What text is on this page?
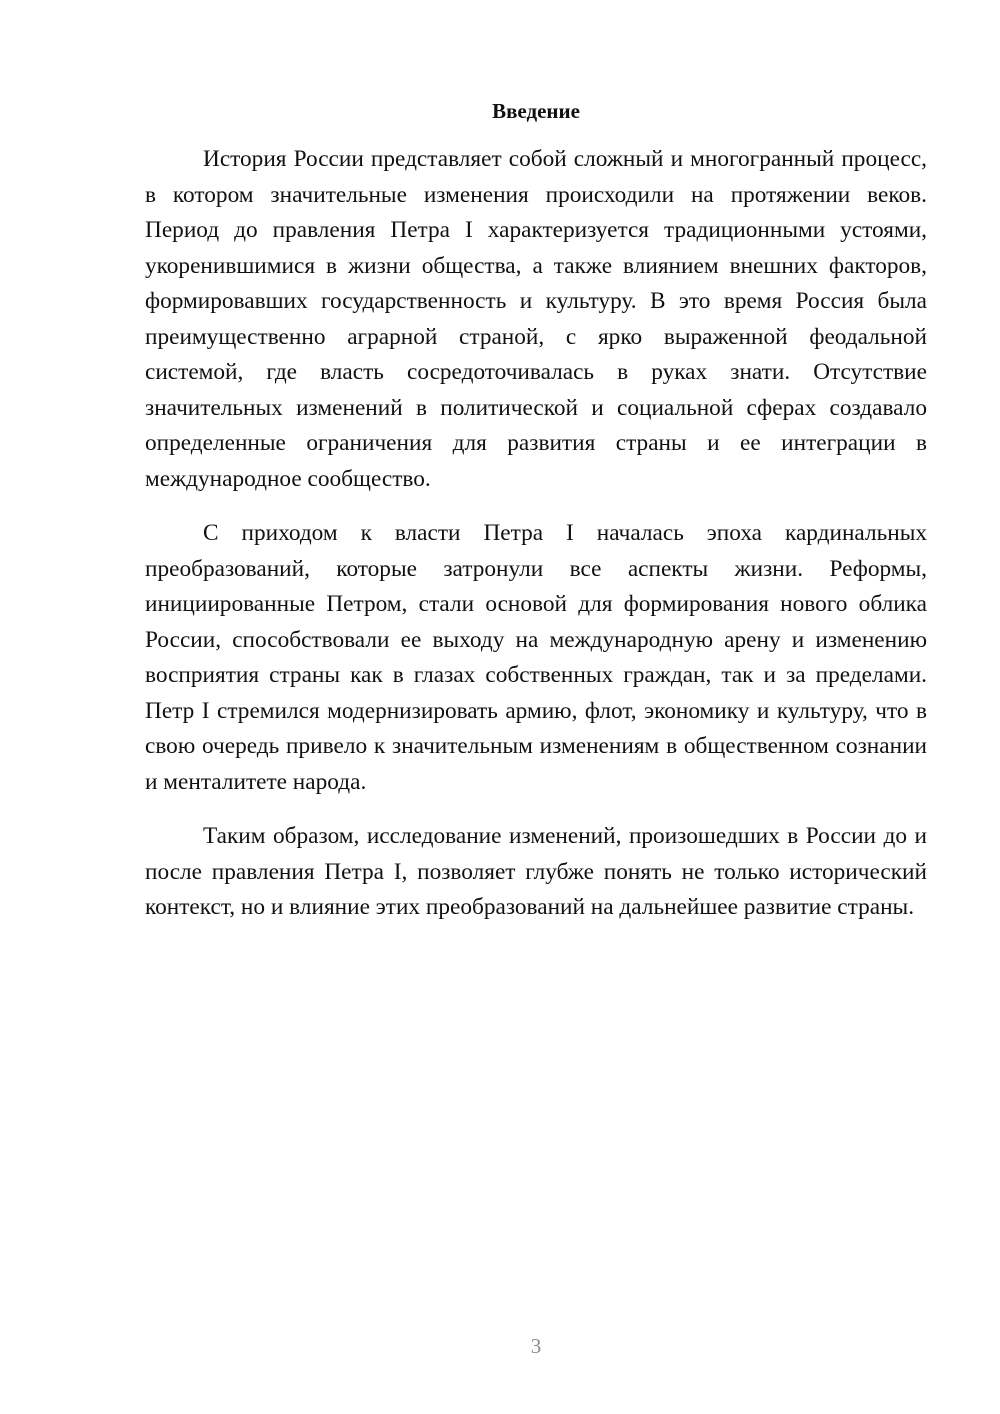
Введение

История России представляет собой сложный и многогранный процесс, в котором значительные изменения происходили на протяжении веков. Период до правления Петра I характеризуется традиционными устоями, укоренившимися в жизни общества, а также влиянием внешних факторов, формировавших государственность и культуру. В это время Россия была преимущественно аграрной страной, с ярко выраженной феодальной системой, где власть сосредоточивалась в руках знати. Отсутствие значительных изменений в политической и социальной сферах создавало определенные ограничения для развития страны и ее интеграции в международное сообщество.

С приходом к власти Петра I началась эпоха кардинальных преобразований, которые затронули все аспекты жизни. Реформы, инициированные Петром, стали основой для формирования нового облика России, способствовали ее выходу на международную арену и изменению восприятия страны как в глазах собственных граждан, так и за пределами. Петр I стремился модернизировать армию, флот, экономику и культуру, что в свою очередь привело к значительным изменениям в общественном сознании и менталитете народа.

Таким образом, исследование изменений, произошедших в России до и после правления Петра I, позволяет глубже понять не только исторический контекст, но и влияние этих преобразований на дальнейшее развитие страны.

3
